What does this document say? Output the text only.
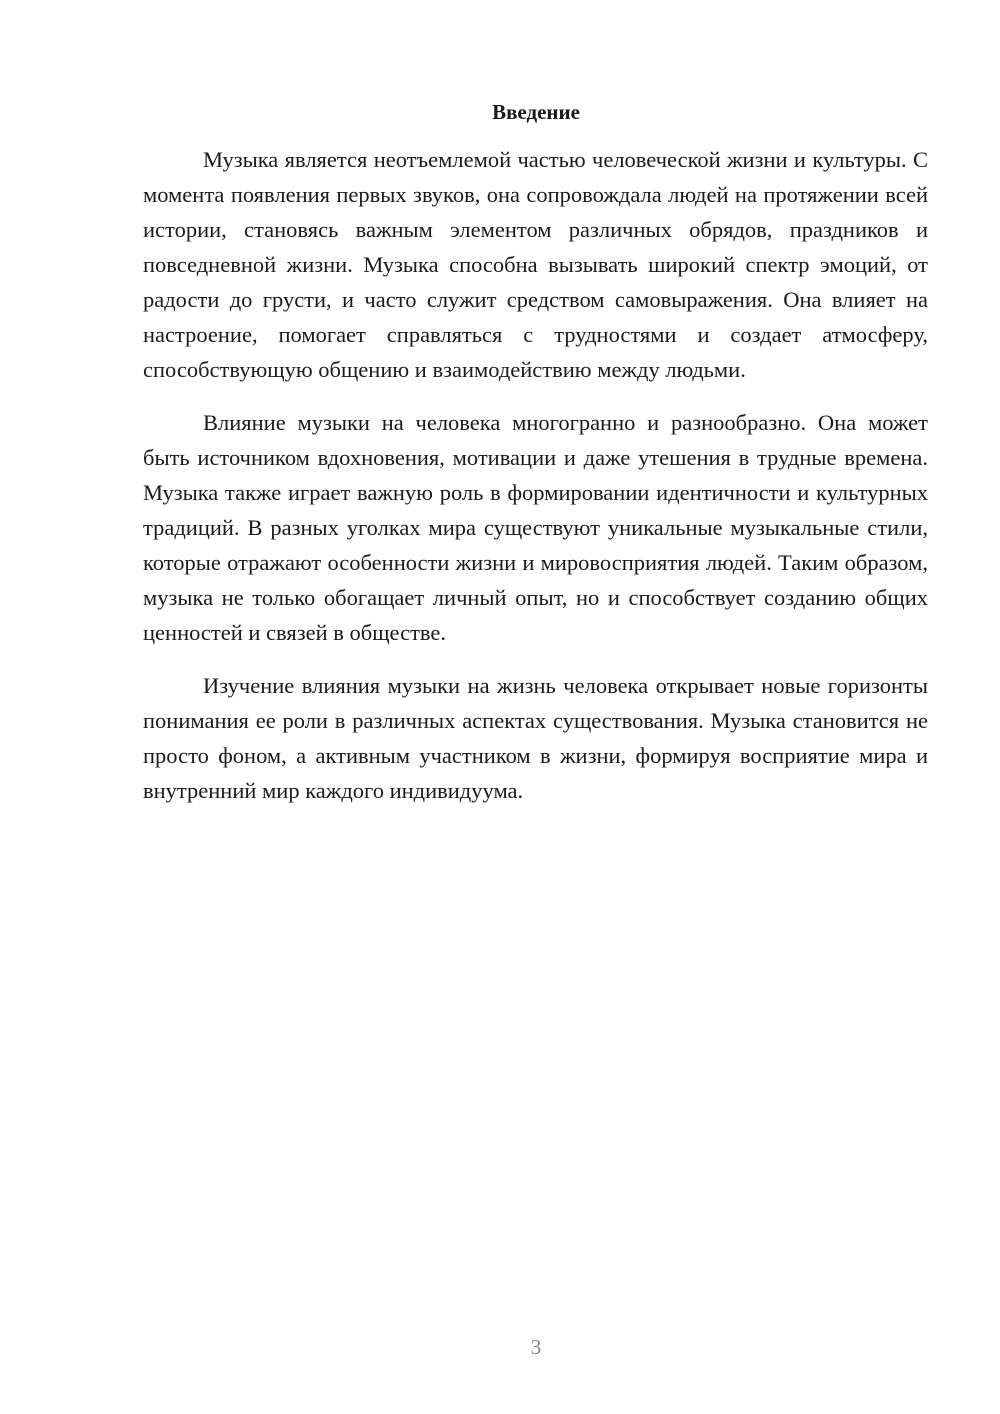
Введение

Музыка является неотъемлемой частью человеческой жизни и культуры. С момента появления первых звуков, она сопровождала людей на протяжении всей истории, становясь важным элементом различных обрядов, праздников и повседневной жизни. Музыка способна вызывать широкий спектр эмоций, от радости до грусти, и часто служит средством самовыражения. Она влияет на настроение, помогает справляться с трудностями и создает атмосферу, способствующую общению и взаимодействию между людьми.

Влияние музыки на человека многогранно и разнообразно. Она может быть источником вдохновения, мотивации и даже утешения в трудные времена. Музыка также играет важную роль в формировании идентичности и культурных традиций. В разных уголках мира существуют уникальные музыкальные стили, которые отражают особенности жизни и мировосприятия людей. Таким образом, музыка не только обогащает личный опыт, но и способствует созданию общих ценностей и связей в обществе.

Изучение влияния музыки на жизнь человека открывает новые горизонты понимания ее роли в различных аспектах существования. Музыка становится не просто фоном, а активным участником в жизни, формируя восприятие мира и внутренний мир каждого индивидуума.

3
